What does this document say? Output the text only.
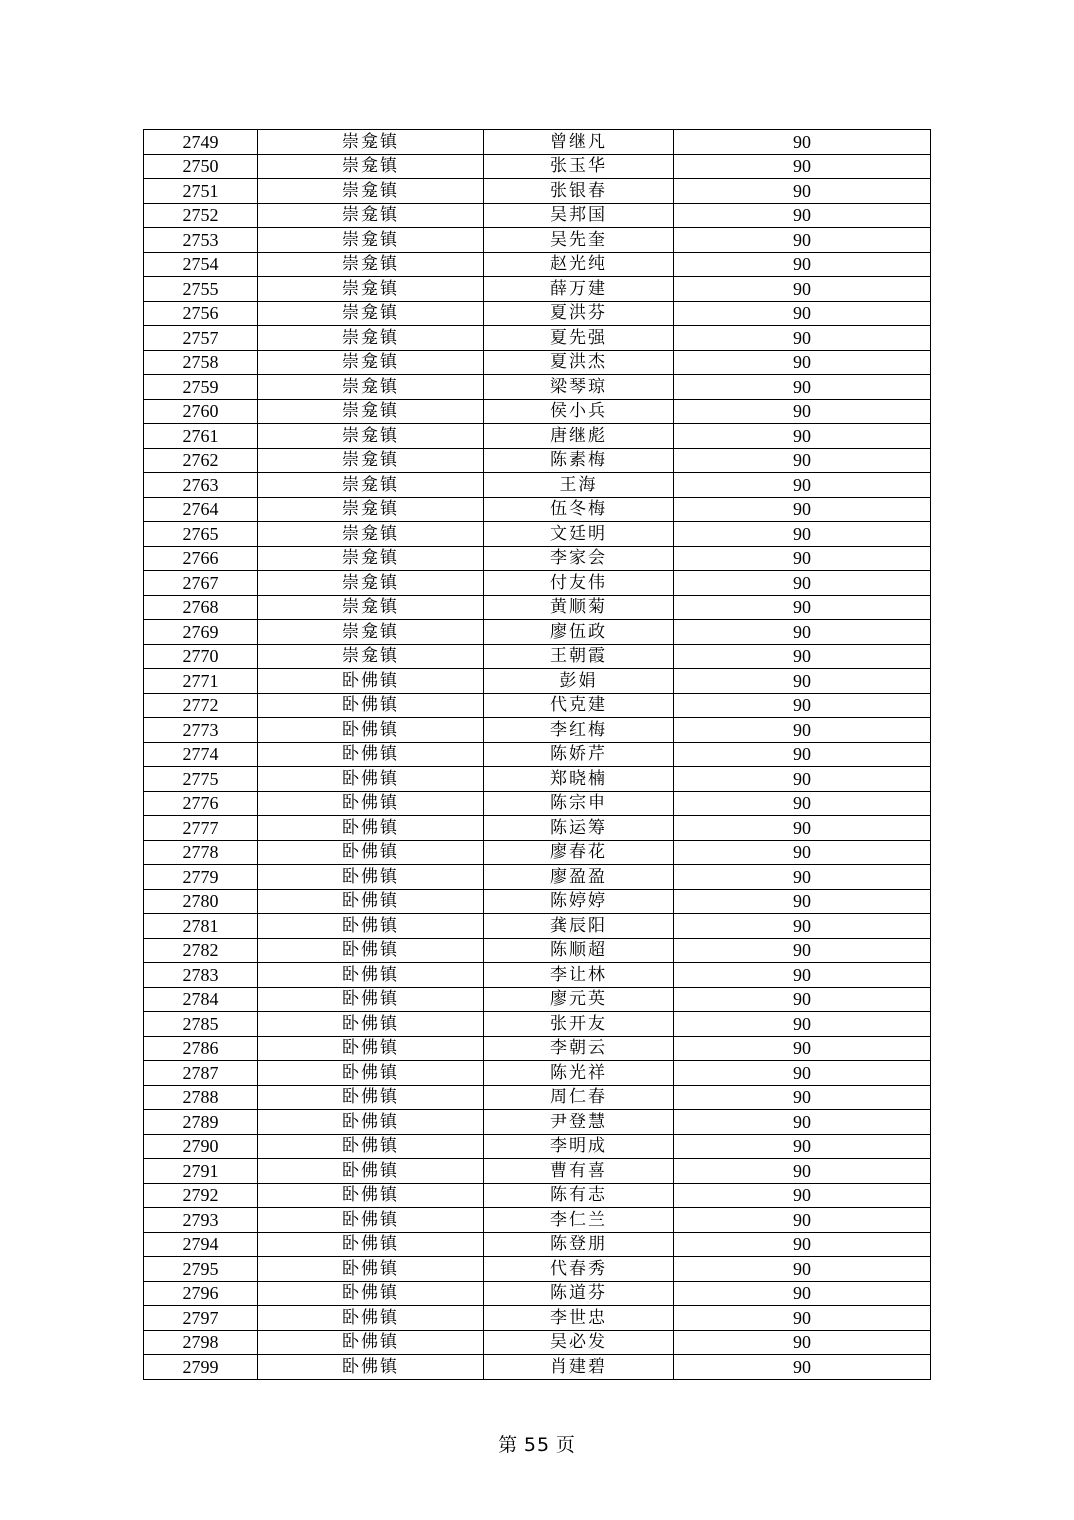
2749	崇龛镇	曾继凡	90
2750	崇龛镇	张玉华	90
2751	崇龛镇	张银春	90
2752	崇龛镇	吴邦国	90
2753	崇龛镇	吴先奎	90
2754	崇龛镇	赵光纯	90
2755	崇龛镇	薛万建	90
2756	崇龛镇	夏洪芬	90
2757	崇龛镇	夏先强	90
2758	崇龛镇	夏洪杰	90
2759	崇龛镇	梁琴琼	90
2760	崇龛镇	侯小兵	90
2761	崇龛镇	唐继彪	90
2762	崇龛镇	陈素梅	90
2763	崇龛镇	王海	90
2764	崇龛镇	伍冬梅	90
2765	崇龛镇	文廷明	90
2766	崇龛镇	李家会	90
2767	崇龛镇	付友伟	90
2768	崇龛镇	黄顺菊	90
2769	崇龛镇	廖伍政	90
2770	崇龛镇	王朝霞	90
2771	卧佛镇	彭娟	90
2772	卧佛镇	代克建	90
2773	卧佛镇	李红梅	90
2774	卧佛镇	陈娇芹	90
2775	卧佛镇	郑晓楠	90
2776	卧佛镇	陈宗申	90
2777	卧佛镇	陈运筹	90
2778	卧佛镇	廖春花	90
2779	卧佛镇	廖盈盈	90
2780	卧佛镇	陈婷婷	90
2781	卧佛镇	龚辰阳	90
2782	卧佛镇	陈顺超	90
2783	卧佛镇	李让林	90
2784	卧佛镇	廖元英	90
2785	卧佛镇	张开友	90
2786	卧佛镇	李朝云	90
2787	卧佛镇	陈光祥	90
2788	卧佛镇	周仁春	90
2789	卧佛镇	尹登慧	90
2790	卧佛镇	李明成	90
2791	卧佛镇	曹有喜	90
2792	卧佛镇	陈有志	90
2793	卧佛镇	李仁兰	90
2794	卧佛镇	陈登朋	90
2795	卧佛镇	代春秀	90
2796	卧佛镇	陈道芬	90
2797	卧佛镇	李世忠	90
2798	卧佛镇	吴必发	90
2799	卧佛镇	肖建碧	90
第 55 页
